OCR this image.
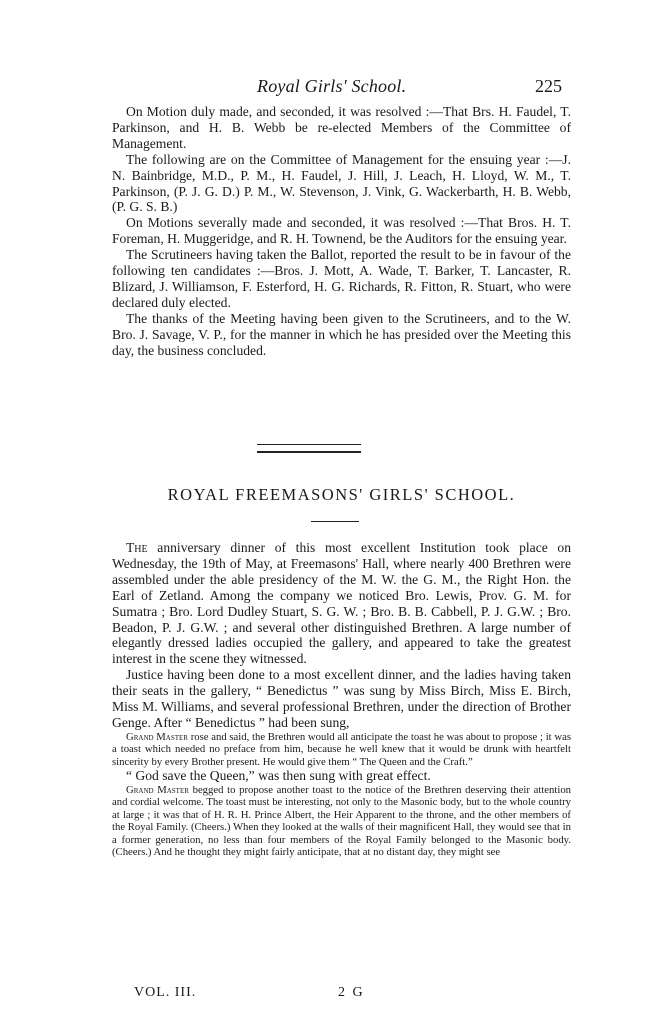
Royal Girls' School.	225

On Motion duly made, and seconded, it was resolved :—That Brs. H. Faudel, T. Parkinson, and H. B. Webb be re-elected Members of the Committee of Management.

The following are on the Committee of Management for the ensuing year :—J. N. Bainbridge, M.D., P. M., H. Faudel, J. Hill, J. Leach, H. Lloyd, W. M., T. Parkinson, (P. J. G. D.) P. M., W. Stevenson, J. Vink, G. Wackerbarth, H. B. Webb, (P. G. S. B.)

On Motions severally made and seconded, it was resolved :—That Bros. H. T. Foreman, H. Muggeridge, and R. H. Townend, be the Auditors for the ensuing year.

The Scrutineers having taken the Ballot, reported the result to be in favour of the following ten candidates :—Bros. J. Mott, A. Wade, T. Barker, T. Lancaster, R. Blizard, J. Williamson, F. Esterford, H. G. Richards, R. Fitton, R. Stuart, who were declared duly elected.

The thanks of the Meeting having been given to the Scrutineers, and to the W. Bro. J. Savage, V. P., for the manner in which he has presided over the Meeting this day, the business concluded.

ROYAL FREEMASONS' GIRLS' SCHOOL.

The anniversary dinner of this most excellent Institution took place on Wednesday, the 19th of May, at Freemasons' Hall, where nearly 400 Brethren were assembled under the able presidency of the M. W. the G. M., the Right Hon. the Earl of Zetland. Among the company we noticed Bro. Lewis, Prov. G. M. for Sumatra ; Bro. Lord Dudley Stuart, S. G. W. ; Bro. B. B. Cabbell, P. J. G.W. ; Bro. Beadon, P. J. G.W. ; and several other distinguished Brethren. A large number of elegantly dressed ladies occupied the gallery, and appeared to take the greatest interest in the scene they witnessed.

Justice having been done to a most excellent dinner, and the ladies having taken their seats in the gallery, “ Benedictus ” was sung by Miss Birch, Miss E. Birch, Miss M. Williams, and several professional Brethren, under the direction of Brother Genge. After “ Benedictus ” had been sung,

Grand Master rose and said, the Brethren would all anticipate the toast he was about to propose ; it was a toast which needed no preface from him, because he well knew that it would be drunk with heartfelt sincerity by every Brother present. He would give them “ The Queen and the Craft.”

“ God save the Queen,” was then sung with great effect.

Grand Master begged to propose another toast to the notice of the Brethren deserving their attention and cordial welcome. The toast must be interesting, not only to the Masonic body, but to the whole country at large ; it was that of H. R. H. Prince Albert, the Heir Apparent to the throne, and the other members of the Royal Family. (Cheers.) When they looked at the walls of their magnificent Hall, they would see that in a former generation, no less than four members of the Royal Family belonged to the Masonic body. (Cheers.) And he thought they might fairly anticipate, that at no distant day, they might see

VOL. III.	2 G
